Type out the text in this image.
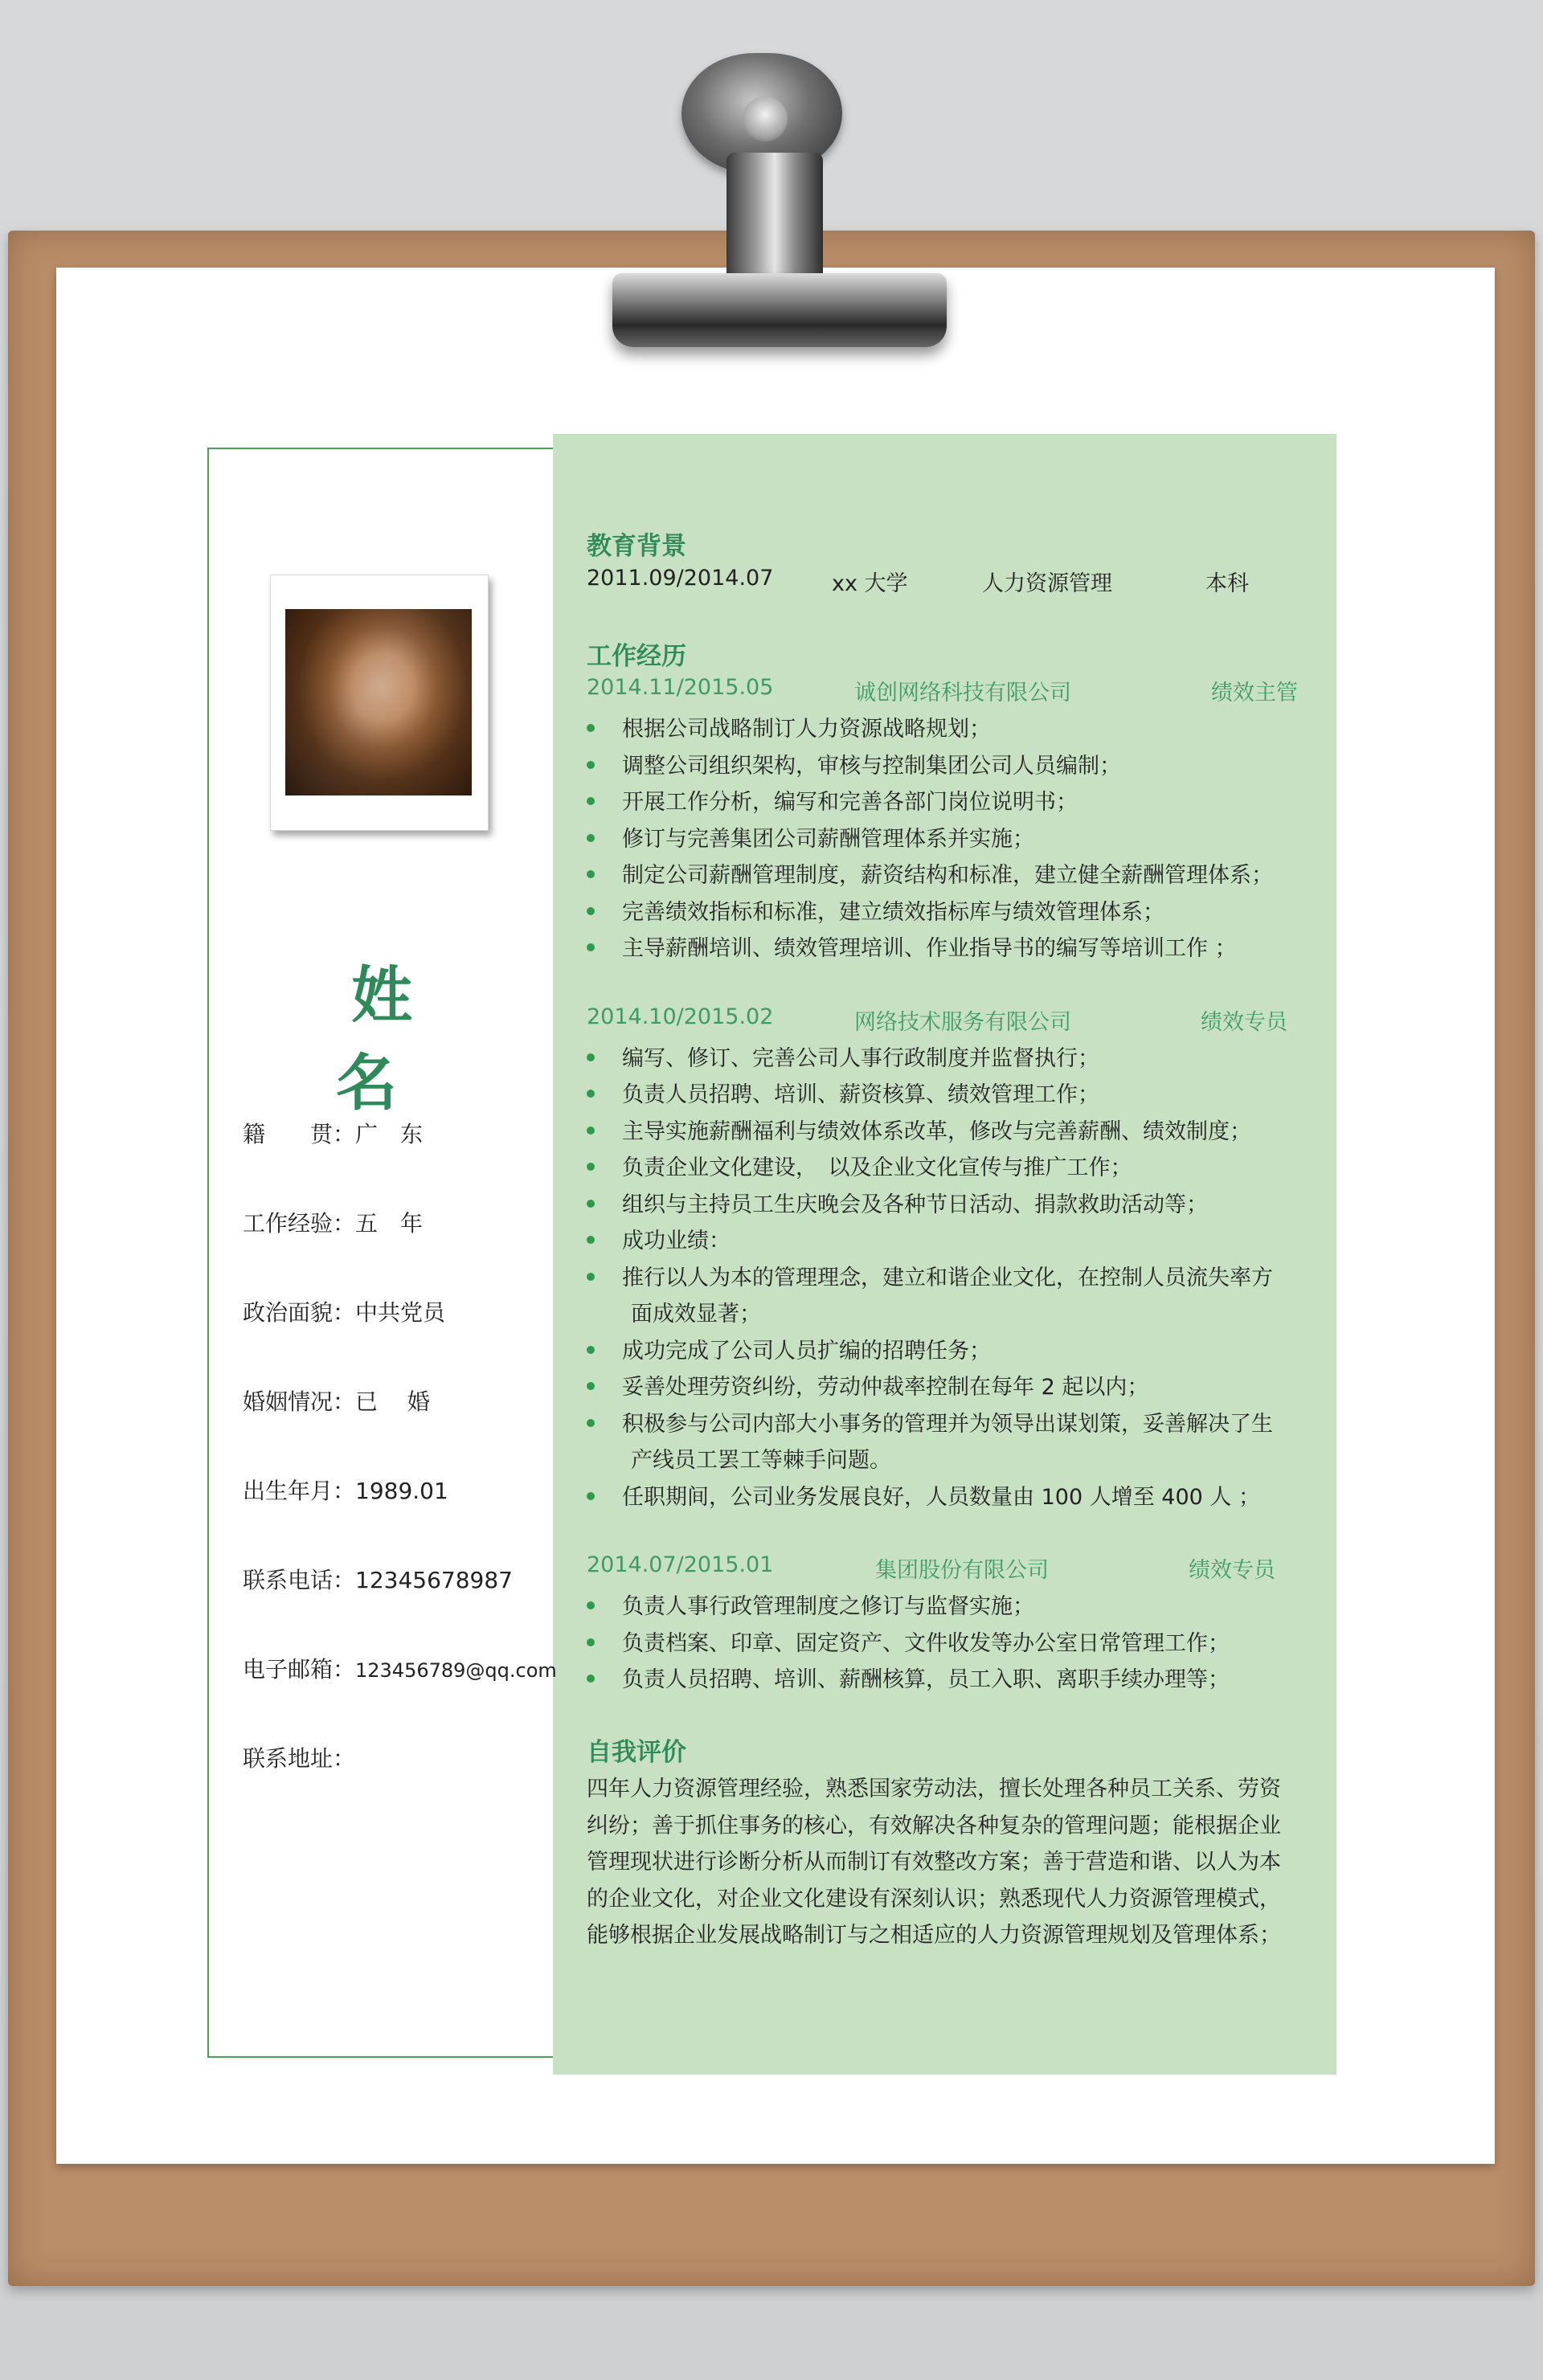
姓 名
籍　　贯：广　东
工作经验：五　年
政治面貌：中共党员
婚姻情况：已　 婚
出生年月：1989.01
联系电话：12345678987
电子邮箱：123456789@qq.com
联系地址：
教育背景
2011.09/2014.07	xx 大学	人力资源管理	本科
工作经历
2014.11/2015.05	诚创网络科技有限公司	绩效主管
根据公司战略制订人力资源战略规划；
调整公司组织架构，审核与控制集团公司人员编制；
开展工作分析，编写和完善各部门岗位说明书；
修订与完善集团公司薪酬管理体系并实施；
制定公司薪酬管理制度，薪资结构和标准，建立健全薪酬管理体系；
完善绩效指标和标准，建立绩效指标库与绩效管理体系；
主导薪酬培训、绩效管理培训、作业指导书的编写等培训工作 ；
2014.10/2015.02	网络技术服务有限公司	绩效专员
编写、修订、完善公司人事行政制度并监督执行；
负责人员招聘、培训、薪资核算、绩效管理工作；
主导实施薪酬福利与绩效体系改革，修改与完善薪酬、绩效制度；
负责企业文化建设，　以及企业文化宣传与推广工作；
组织与主持员工生庆晚会及各种节日活动、捐款救助活动等；
成功业绩：
推行以人为本的管理理念，建立和谐企业文化，在控制人员流失率方
面成效显著；
成功完成了公司人员扩编的招聘任务；
妥善处理劳资纠纷，劳动仲裁率控制在每年 2 起以内；
积极参与公司内部大小事务的管理并为领导出谋划策，妥善解决了生
产线员工罢工等棘手问题。
任职期间，公司业务发展良好，人员数量由 100 人增至 400 人 ；
2014.07/2015.01	集团股份有限公司	绩效专员
负责人事行政管理制度之修订与监督实施；
负责档案、印章、固定资产、文件收发等办公室日常管理工作；
负责人员招聘、培训、薪酬核算，员工入职、离职手续办理等；
自我评价
四年人力资源管理经验，熟悉国家劳动法，擅长处理各种员工关系、劳资
纠纷；善于抓住事务的核心，有效解决各种复杂的管理问题；能根据企业
管理现状进行诊断分析从而制订有效整改方案；善于营造和谐、以人为本
的企业文化，对企业文化建设有深刻认识；熟悉现代人力资源管理模式，
能够根据企业发展战略制订与之相适应的人力资源管理规划及管理体系；
